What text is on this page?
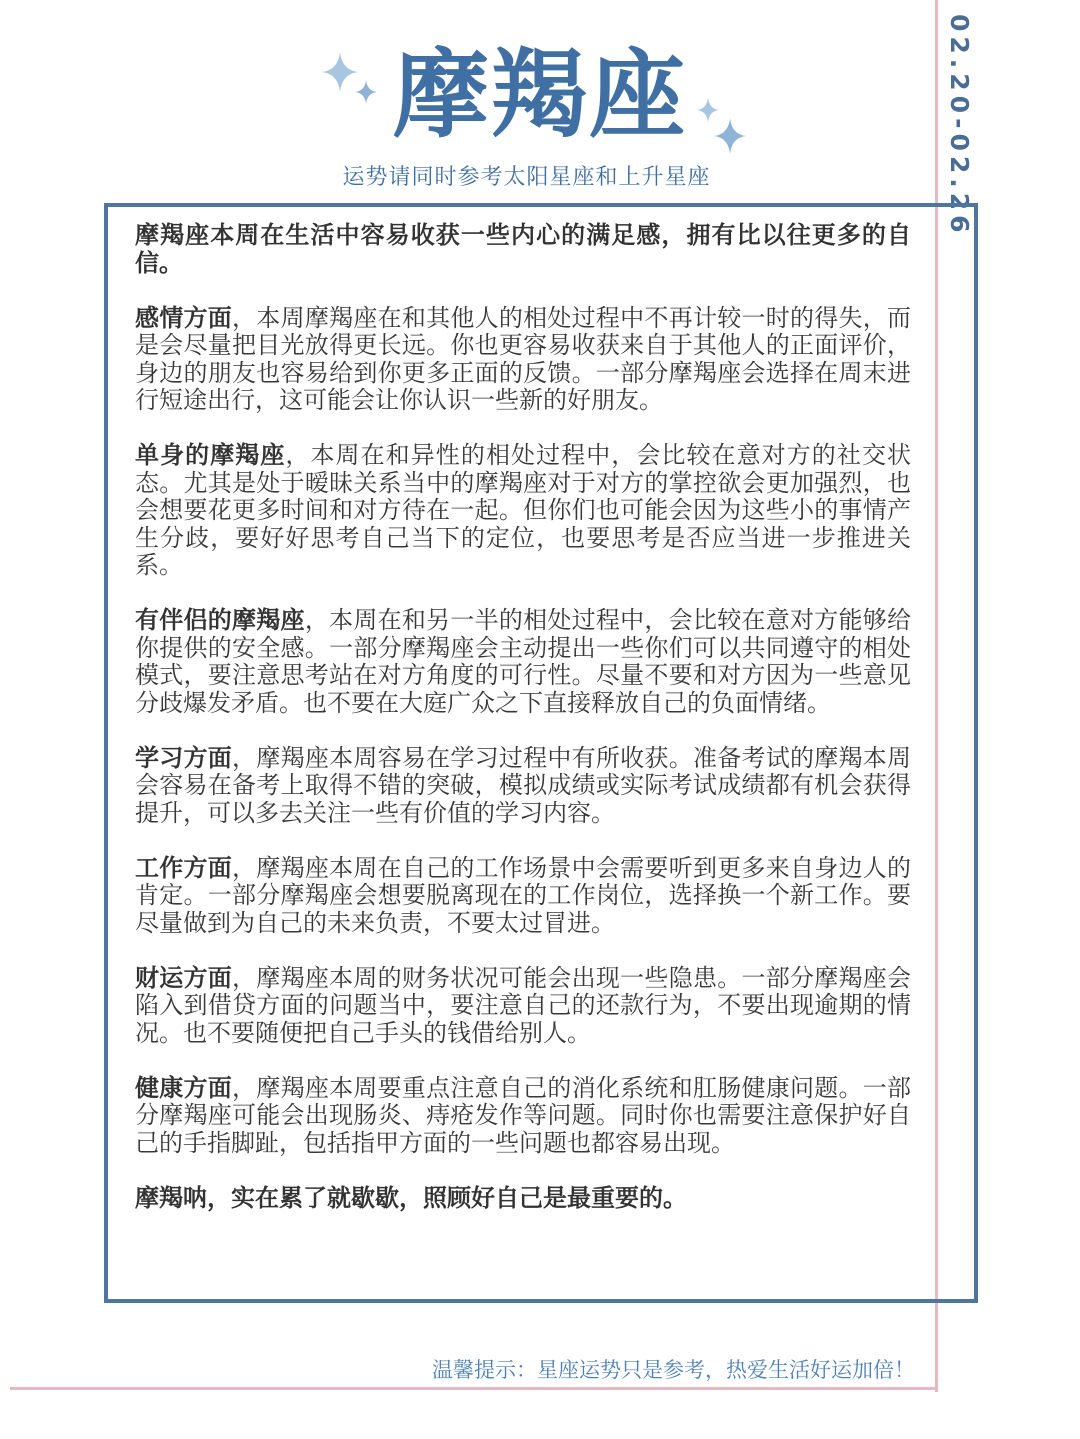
02.20-02.26
摩羯座
运势请同时参考太阳星座和上升星座

摩羯座本周在生活中容易收获一些内心的满足感，拥有比以往更多的自信。

感情方面，本周摩羯座在和其他人的相处过程中不再计较一时的得失，而是会尽量把目光放得更长远。你也更容易收获来自于其他人的正面评价，身边的朋友也容易给到你更多正面的反馈。一部分摩羯座会选择在周末进行短途出行，这可能会让你认识一些新的好朋友。

单身的摩羯座，本周在和异性的相处过程中，会比较在意对方的社交状态。尤其是处于暧昧关系当中的摩羯座对于对方的掌控欲会更加强烈，也会想要花更多时间和对方待在一起。但你们也可能会因为这些小的事情产生分歧，要好好思考自己当下的定位，也要思考是否应当进一步推进关系。

有伴侣的摩羯座，本周在和另一半的相处过程中，会比较在意对方能够给你提供的安全感。一部分摩羯座会主动提出一些你们可以共同遵守的相处模式，要注意思考站在对方角度的可行性。尽量不要和对方因为一些意见分歧爆发矛盾。也不要在大庭广众之下直接释放自己的负面情绪。

学习方面，摩羯座本周容易在学习过程中有所收获。准备考试的摩羯本周会容易在备考上取得不错的突破，模拟成绩或实际考试成绩都有机会获得提升，可以多去关注一些有价值的学习内容。

工作方面，摩羯座本周在自己的工作场景中会需要听到更多来自身边人的肯定。一部分摩羯座会想要脱离现在的工作岗位，选择换一个新工作。要尽量做到为自己的未来负责，不要太过冒进。

财运方面，摩羯座本周的财务状况可能会出现一些隐患。一部分摩羯座会陷入到借贷方面的问题当中，要注意自己的还款行为，不要出现逾期的情况。也不要随便把自己手头的钱借给别人。

健康方面，摩羯座本周要重点注意自己的消化系统和肛肠健康问题。一部分摩羯座可能会出现肠炎、痔疮发作等问题。同时你也需要注意保护好自己的手指脚趾，包括指甲方面的一些问题也都容易出现。

摩羯呐，实在累了就歇歇，照顾好自己是最重要的。

温馨提示：星座运势只是参考，热爱生活好运加倍！
